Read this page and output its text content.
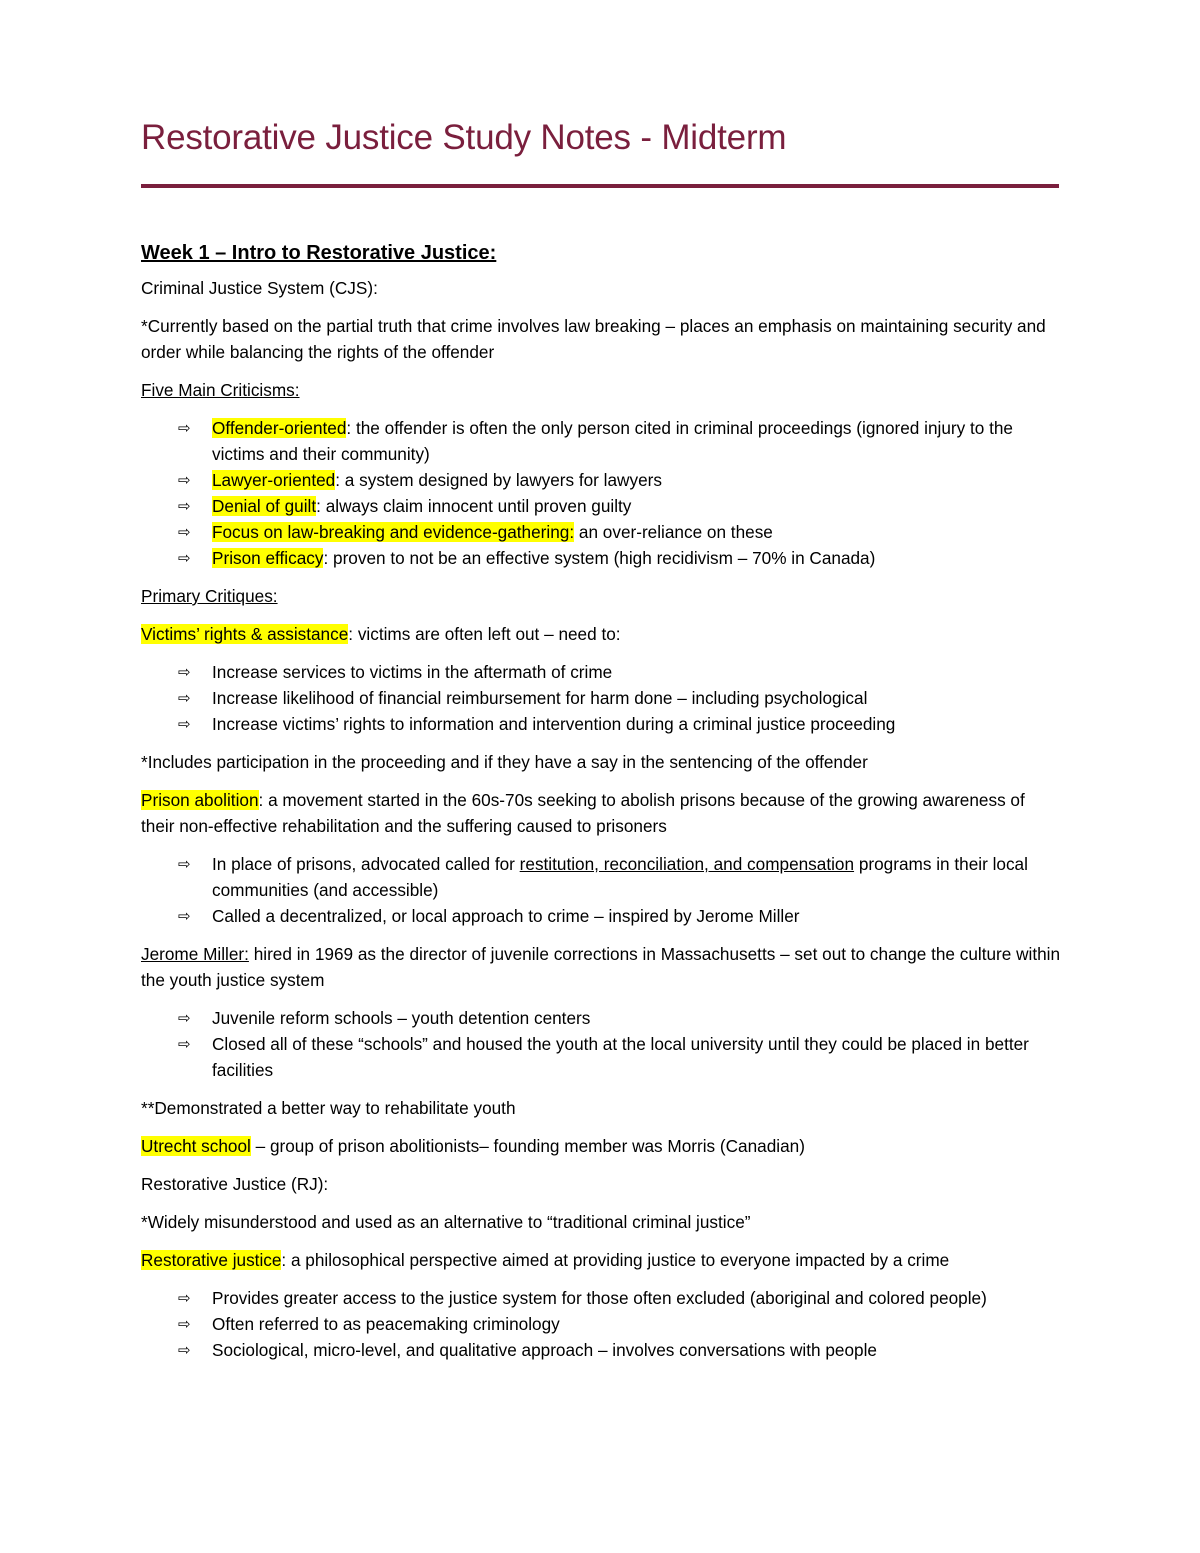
Restorative Justice Study Notes - Midterm

Week 1 – Intro to Restorative Justice:

Criminal Justice System (CJS):

*Currently based on the partial truth that crime involves law breaking – places an emphasis on maintaining security and order while balancing the rights of the offender

Five Main Criticisms:

⇨ Offender-oriented: the offender is often the only person cited in criminal proceedings (ignored injury to the victims and their community)
⇨ Lawyer-oriented: a system designed by lawyers for lawyers
⇨ Denial of guilt: always claim innocent until proven guilty
⇨ Focus on law-breaking and evidence-gathering: an over-reliance on these
⇨ Prison efficacy: proven to not be an effective system (high recidivism – 70% in Canada)

Primary Critiques:

Victims’ rights & assistance: victims are often left out – need to:

⇨ Increase services to victims in the aftermath of crime
⇨ Increase likelihood of financial reimbursement for harm done – including psychological
⇨ Increase victims’ rights to information and intervention during a criminal justice proceeding

*Includes participation in the proceeding and if they have a say in the sentencing of the offender

Prison abolition: a movement started in the 60s-70s seeking to abolish prisons because of the growing awareness of their non-effective rehabilitation and the suffering caused to prisoners

⇨ In place of prisons, advocated called for restitution, reconciliation, and compensation programs in their local communities (and accessible)
⇨ Called a decentralized, or local approach to crime – inspired by Jerome Miller

Jerome Miller: hired in 1969 as the director of juvenile corrections in Massachusetts – set out to change the culture within the youth justice system

⇨ Juvenile reform schools – youth detention centers
⇨ Closed all of these “schools” and housed the youth at the local university until they could be placed in better facilities

**Demonstrated a better way to rehabilitate youth

Utrecht school – group of prison abolitionists– founding member was Morris (Canadian)

Restorative Justice (RJ):

*Widely misunderstood and used as an alternative to “traditional criminal justice”

Restorative justice: a philosophical perspective aimed at providing justice to everyone impacted by a crime

⇨ Provides greater access to the justice system for those often excluded (aboriginal and colored people)
⇨ Often referred to as peacemaking criminology
⇨ Sociological, micro-level, and qualitative approach – involves conversations with people
